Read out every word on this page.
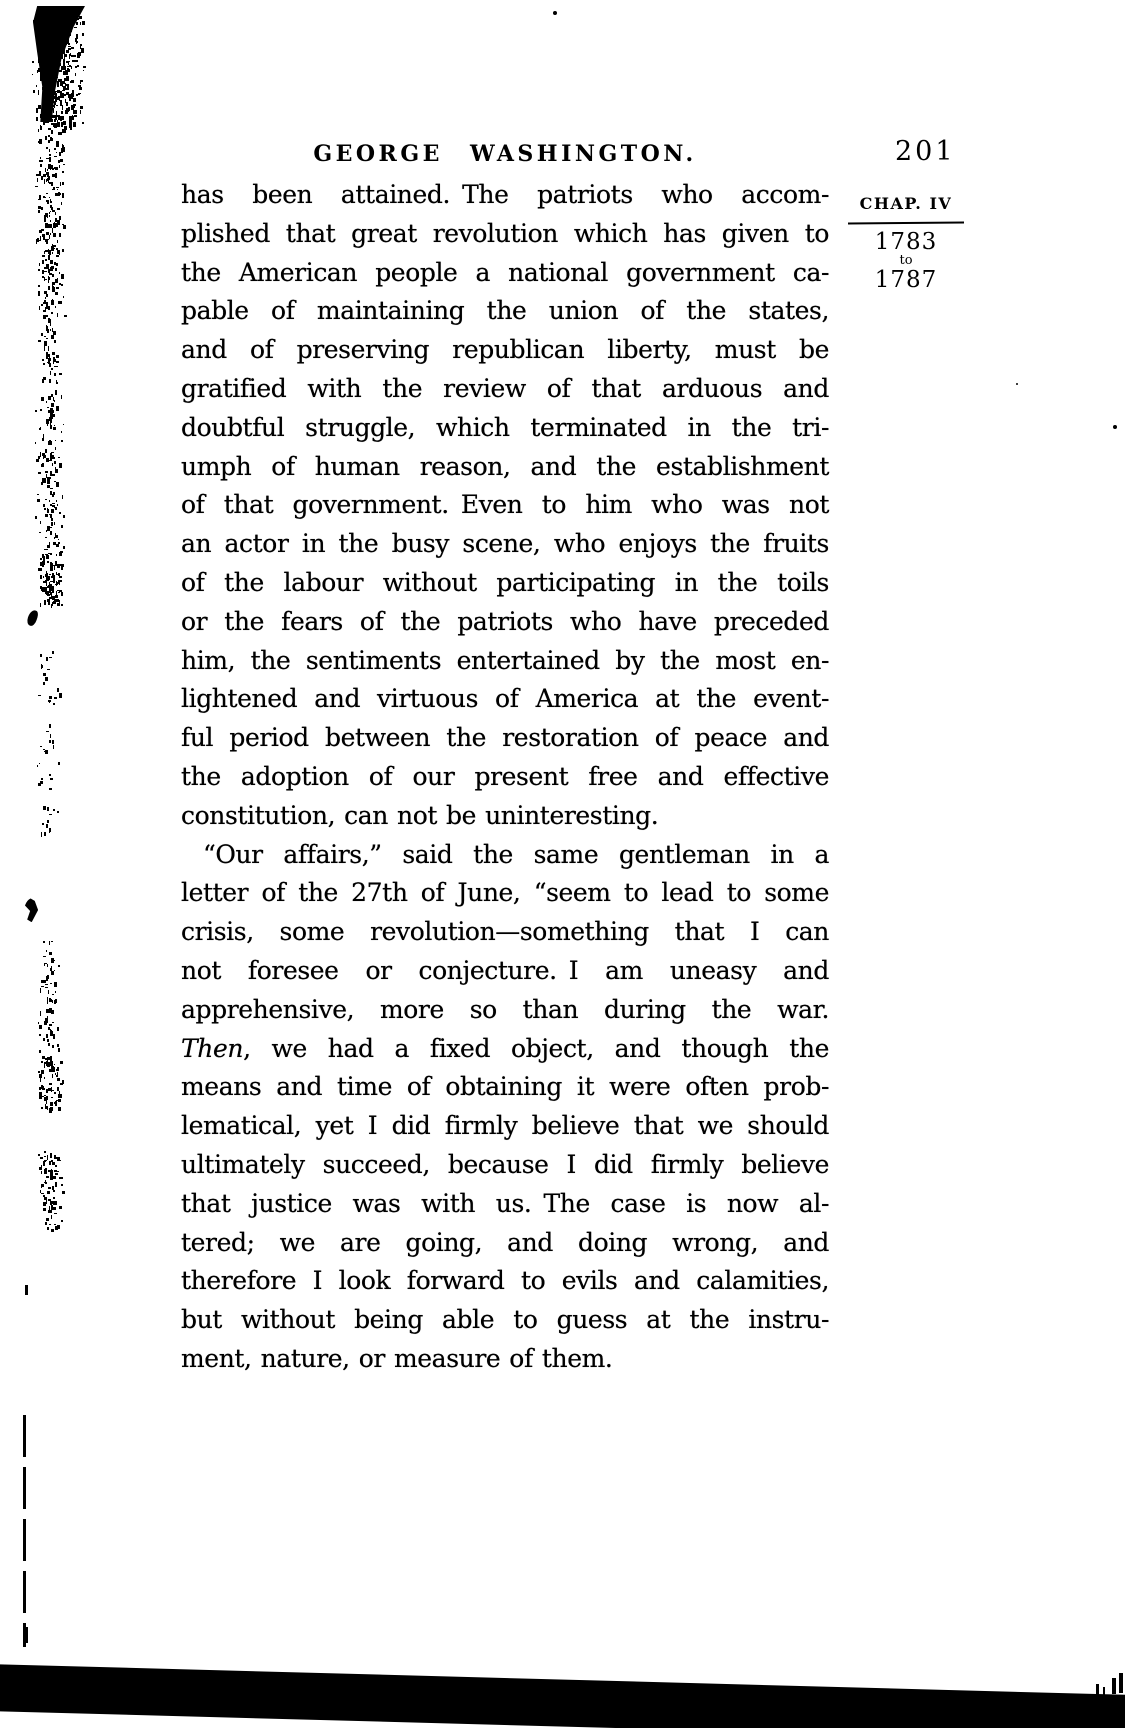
GEORGE WASHINGTON.	201
CHAP. IV
1783
to
1787
has been attained. The patriots who accom-
plished that great revolution which has given to
the American people a national government ca-
pable of maintaining the union of the states,
and of preserving republican liberty, must be
gratified with the review of that arduous and
doubtful struggle, which terminated in the tri-
umph of human reason, and the establishment
of that government. Even to him who was not
an actor in the busy scene, who enjoys the fruits
of the labour without participating in the toils
or the fears of the patriots who have preceded
him, the sentiments entertained by the most en-
lightened and virtuous of America at the event-
ful period between the restoration of peace and
the adoption of our present free and effective
constitution, can not be uninteresting.
“Our affairs,” said the same gentleman in a
letter of the 27th of June, “seem to lead to some
crisis, some revolution—something that I can
not foresee or conjecture. I am uneasy and
apprehensive, more so than during the war.
Then, we had a fixed object, and though the
means and time of obtaining it were often prob-
lematical, yet I did firmly believe that we should
ultimately succeed, because I did firmly believe
that justice was with us. The case is now al-
tered; we are going, and doing wrong, and
therefore I look forward to evils and calamities,
but without being able to guess at the instru-
ment, nature, or measure of them.
